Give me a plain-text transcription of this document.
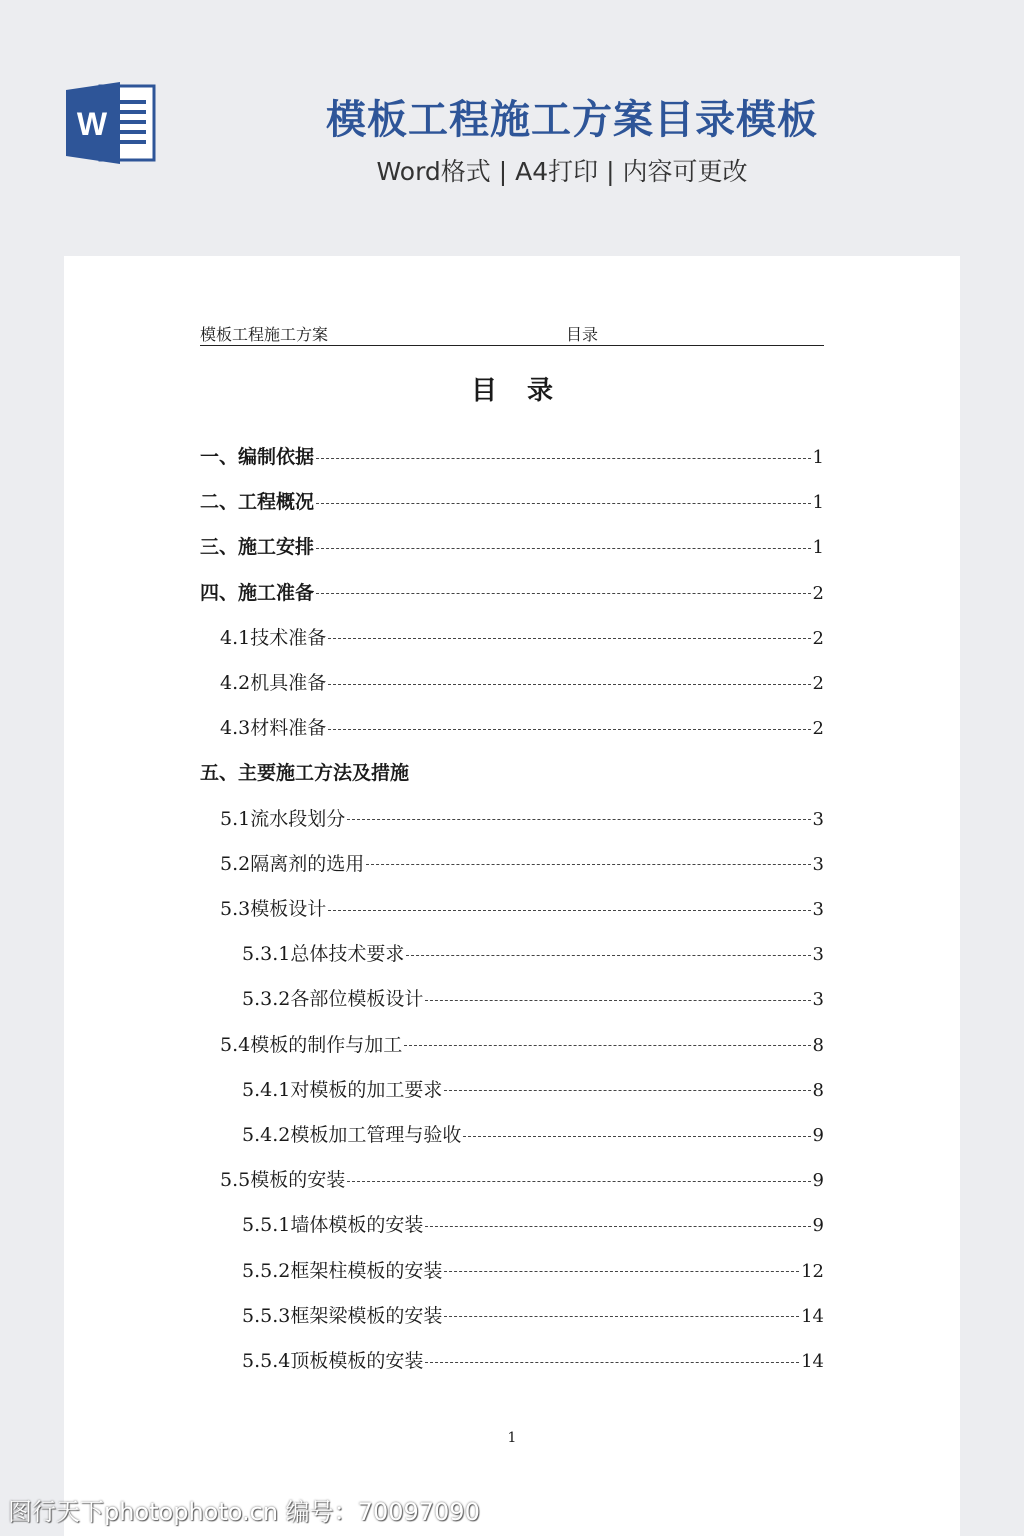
W	模板工程施工方案目录模板
Word格式 | A4打印 | 内容可更改
模板工程施工方案	目录
目录
一、编制依据	1
二、工程概况	1
三、施工安排	1
四、施工准备	2
4.1技术准备	2
4.2机具准备	2
4.3材料准备	2
五、主要施工方法及措施
5.1流水段划分	3
5.2隔离剂的选用	3
5.3模板设计	3
5.3.1总体技术要求	3
5.3.2各部位模板设计	3
5.4模板的制作与加工	8
5.4.1对模板的加工要求	8
5.4.2模板加工管理与验收	9
5.5模板的安装	9
5.5.1墙体模板的安装	9
5.5.2框架柱模板的安装	12
5.5.3框架梁模板的安装	14
5.5.4顶板模板的安装	14
1
图行天下photophoto.cn 编号：70097090
